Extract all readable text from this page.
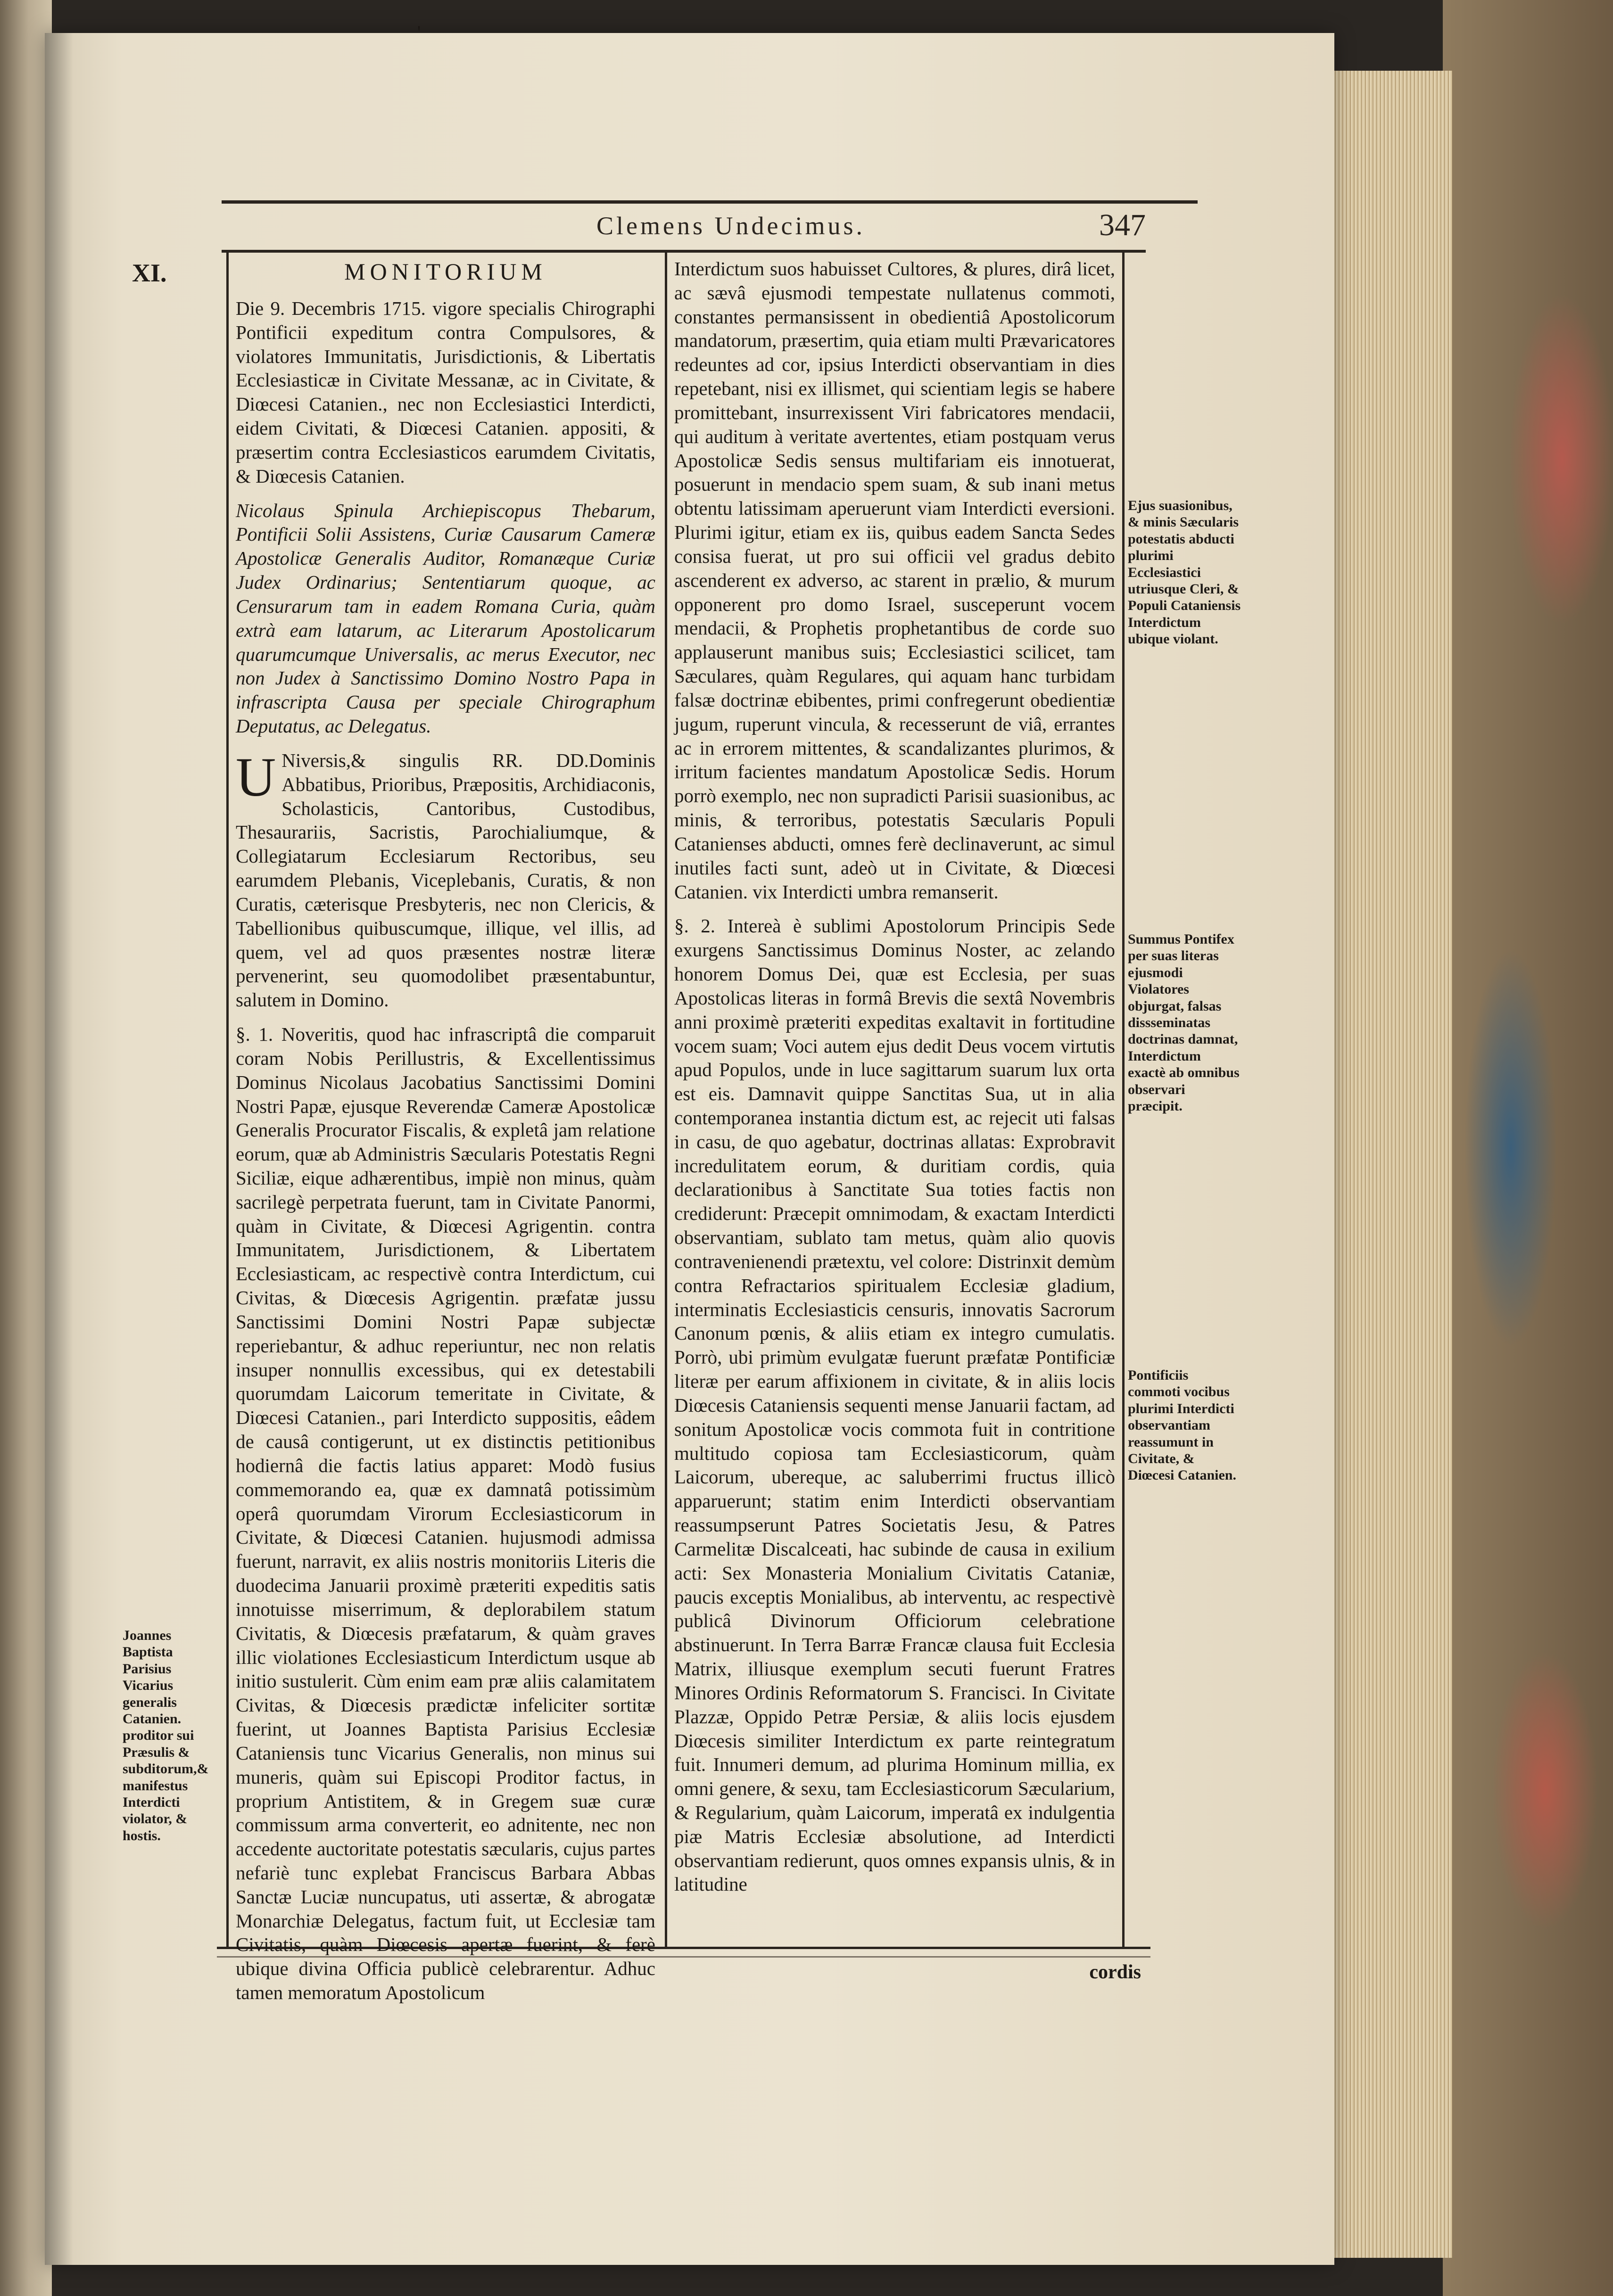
'
Clemens Undecimus.	347
XI.	MONITORIUM

Die 9. Decembris 1715. vigore specialis Chirographi Pontificii expeditum contra Compulsores, & violatores Immunitatis, Jurisdictionis, & Libertatis Ecclesiasticæ in Civitate Messanæ, ac in Civitate, & Diœcesi Catanien., nec non Ecclesiastici Interdicti, eidem Civitati, & Diœcesi Catanien. appositi, & præsertim contra Ecclesiasticos earumdem Civitatis, & Diœcesis Catanien.

Nicolaus Spinula Archiepiscopus Thebarum, Pontificii Solii Assistens, Curiæ Causarum Cameræ Apostolicæ Generalis Auditor, Romanæque Curiæ Judex Ordinarius; Sententiarum quoque, ac Censurarum tam in eadem Romana Curia, quàm extrà eam latarum, ac Literarum Apostolicarum quarumcumque Universalis, ac merus Executor, nec non Judex à Sanctissimo Domino Nostro Papa in infrascripta Causa per speciale Chirographum Deputatus, ac Delegatus.

U Niversis,& singulis RR. DD.Dominis Abbatibus, Prioribus, Præpositis, Archidiaconis, Scholasticis, Cantoribus, Custodibus, Thesaurariis, Sacristis, Parochialiumque, & Collegiatarum Ecclesiarum Rectoribus, seu earumdem Plebanis, Viceplebanis, Curatis, & non Curatis, cæterisque Presbyteris, nec non Clericis, & Tabellionibus quibuscumque, illique, vel illis, ad quem, vel ad quos præsentes nostræ literæ pervenerint, seu quomodolibet præsentabuntur, salutem in Domino.

§. 1. Noveritis, quod hac infrascriptâ die comparuit coram Nobis Perillustris, & Excellentissimus Dominus Nicolaus Jacobatius Sanctissimi Domini Nostri Papæ, ejusque Reverendæ Cameræ Apostolicæ Generalis Procurator Fiscalis, & expletâ jam relatione eorum, quæ ab Administris Sæcularis Potestatis Regni Siciliæ, eique adhærentibus, impiè non minus, quàm sacrilegè perpetrata fuerunt, tam in Civitate Panormi, quàm in Civitate, & Diœcesi Agrigentin. contra Immunitatem, Jurisdictionem, & Libertatem Ecclesiasticam, ac respectivè contra Interdictum, cui Civitas, & Diœcesis Agrigentin. præfatæ jussu Sanctissimi Domini Nostri Papæ subjectæ reperiebantur, & adhuc reperiuntur, nec non relatis insuper nonnullis excessibus, qui ex detestabili quorumdam Laicorum temeritate in Civitate, & Diœcesi Catanien., pari Interdicto suppositis, eâdem de causâ contigerunt, ut ex distinctis petitionibus hodiernâ die factis latius apparet: Modò fusius commemorando ea, quæ ex damnatâ potissimùm operâ quorumdam Virorum Ecclesiasticorum in Civitate, & Diœcesi Catanien. hujusmodi admissa fuerunt, narravit, ex aliis nostris monitoriis Literis die duodecima Januarii proximè præteriti expeditis satis innotuisse miserrimum, & deplorabilem statum Civitatis, & Diœcesis præfatarum, & quàm graves illic violationes Ecclesiasticum Interdictum usque ab initio sustulerit. Cùm enim eam præ aliis calamitatem Civitas, & Diœcesis prædictæ infeliciter sortitæ fuerint, ut Joannes Baptista Parisius Ecclesiæ Cataniensis tunc Vicarius Generalis, non minus sui muneris, quàm sui Episcopi Proditor factus, in proprium Antistitem, & in Gregem suæ curæ commissum arma converterit, eo adnitente, nec non accedente auctoritate potestatis sæcularis, cujus partes nefariè tunc explebat Franciscus Barbara Abbas Sanctæ Luciæ nuncupatus, uti assertæ, & abrogatæ Monarchiæ Delegatus, factum fuit, ut Ecclesiæ tam Civitatis, quàm Diœcesis apertæ fuerint, & ferè ubique divina Officia publicè celebrarentur. Adhuc tamen memoratum Apostolicum

Interdictum suos habuisset Cultores, & plures, dirâ licet, ac sævâ ejusmodi tempestate nullatenus commoti, constantes permansissent in obedientiâ Apostolicorum mandatorum, præsertim, quia etiam multi Prævaricatores redeuntes ad cor, ipsius Interdicti observantiam in dies repetebant, nisi ex illismet, qui scientiam legis se habere promittebant, insurrexissent Viri fabricatores mendacii, qui auditum à veritate avertentes, etiam postquam verus Apostolicæ Sedis sensus multifariam eis innotuerat, posuerunt in mendacio spem suam, & sub inani metus obtentu latissimam aperuerunt viam Interdicti eversioni. Plurimi igitur, etiam ex iis, quibus eadem Sancta Sedes consisa fuerat, ut pro sui officii vel gradus debito ascenderent ex adverso, ac starent in prælio, & murum opponerent pro domo Israel, susceperunt vocem mendacii, & Prophetis prophetantibus de corde suo applauserunt manibus suis; Ecclesiastici scilicet, tam Sæculares, quàm Regulares, qui aquam hanc turbidam falsæ doctrinæ ebibentes, primi confregerunt obedientiæ jugum, ruperunt vincula, & recesserunt de viâ, errantes ac in errorem mittentes, & scandalizantes plurimos, & irritum facientes mandatum Apostolicæ Sedis. Horum porrò exemplo, nec non supradicti Parisii suasionibus, ac minis, & terroribus, potestatis Sæcularis Populi Catanienses abducti, omnes ferè declinaverunt, ac simul inutiles facti sunt, adeò ut in Civitate, & Diœcesi Catanien. vix Interdicti umbra remanserit.

§. 2. Intereà è sublimi Apostolorum Principis Sede exurgens Sanctissimus Dominus Noster, ac zelando honorem Domus Dei, quæ est Ecclesia, per suas Apostolicas literas in formâ Brevis die sextâ Novembris anni proximè præteriti expeditas exaltavit in fortitudine vocem suam; Voci autem ejus dedit Deus vocem virtutis apud Populos, unde in luce sagittarum suarum lux orta est eis. Damnavit quippe Sanctitas Sua, ut in alia contemporanea instantia dictum est, ac rejecit uti falsas in casu, de quo agebatur, doctrinas allatas: Exprobravit incredulitatem eorum, & duritiam cordis, quia declarationibus à Sanctitate Sua toties factis non crediderunt: Præcepit omnimodam, & exactam Interdicti observantiam, sublato tam metus, quàm alio quovis contravenienendi prætextu, vel colore: Distrinxit demùm contra Refractarios spiritualem Ecclesiæ gladium, interminatis Ecclesiasticis censuris, innovatis Sacrorum Canonum pœnis, & aliis etiam ex integro cumulatis. Porrò, ubi primùm evulgatæ fuerunt præfatæ Pontificiæ literæ per earum affixionem in civitate, & in aliis locis Diœcesis Cataniensis sequenti mense Januarii factam, ad sonitum Apostolicæ vocis commota fuit in contritione multitudo copiosa tam Ecclesiasticorum, quàm Laicorum, ubereque, ac saluberrimi fructus illicò apparuerunt; statim enim Interdicti observantiam reassumpserunt Patres Societatis Jesu, & Patres Carmelitæ Discalceati, hac subinde de causa in exilium acti: Sex Monasteria Monialium Civitatis Cataniæ, paucis exceptis Monialibus, ab interventu, ac respectivè publicâ Divinorum Officiorum celebratione abstinuerunt. In Terra Barræ Francæ clausa fuit Ecclesia Matrix, illiusque exemplum secuti fuerunt Fratres Minores Ordinis Reformatorum S. Francisci. In Civitate Plazzæ, Oppido Petræ Persiæ, & aliis locis ejusdem Diœcesis similiter Interdictum ex parte reintegratum fuit. Innumeri demum, ad plurima Hominum millia, ex omni genere, & sexu, tam Ecclesiasticorum Sæcularium, & Regularium, quàm Laicorum, imperatâ ex indulgentia piæ Matris Ecclesiæ absolutione, ad Interdicti observantiam redierunt, quos omnes expansis ulnis, & in latitudine

Joannes Baptista Parisius Vicarius generalis Catanien. proditor sui Præsulis & subditorum,& manifestus Interdicti violator, & hostis.
Ejus suasionibus, & minis Sæcularis potestatis abducti plurimi Ecclesiastici utriusque Cleri, & Populi Cataniensis Interdictum ubique violant.
Summus Pontifex per suas literas ejusmodi Violatores objurgat, falsas dissseminatas doctrinas damnat, Interdictum exactè ab omnibus observari præcipit.
Pontificiis commoti vocibus plurimi Interdicti observantiam reassumunt in Civitate, & Diœcesi Catanien.
cordis
